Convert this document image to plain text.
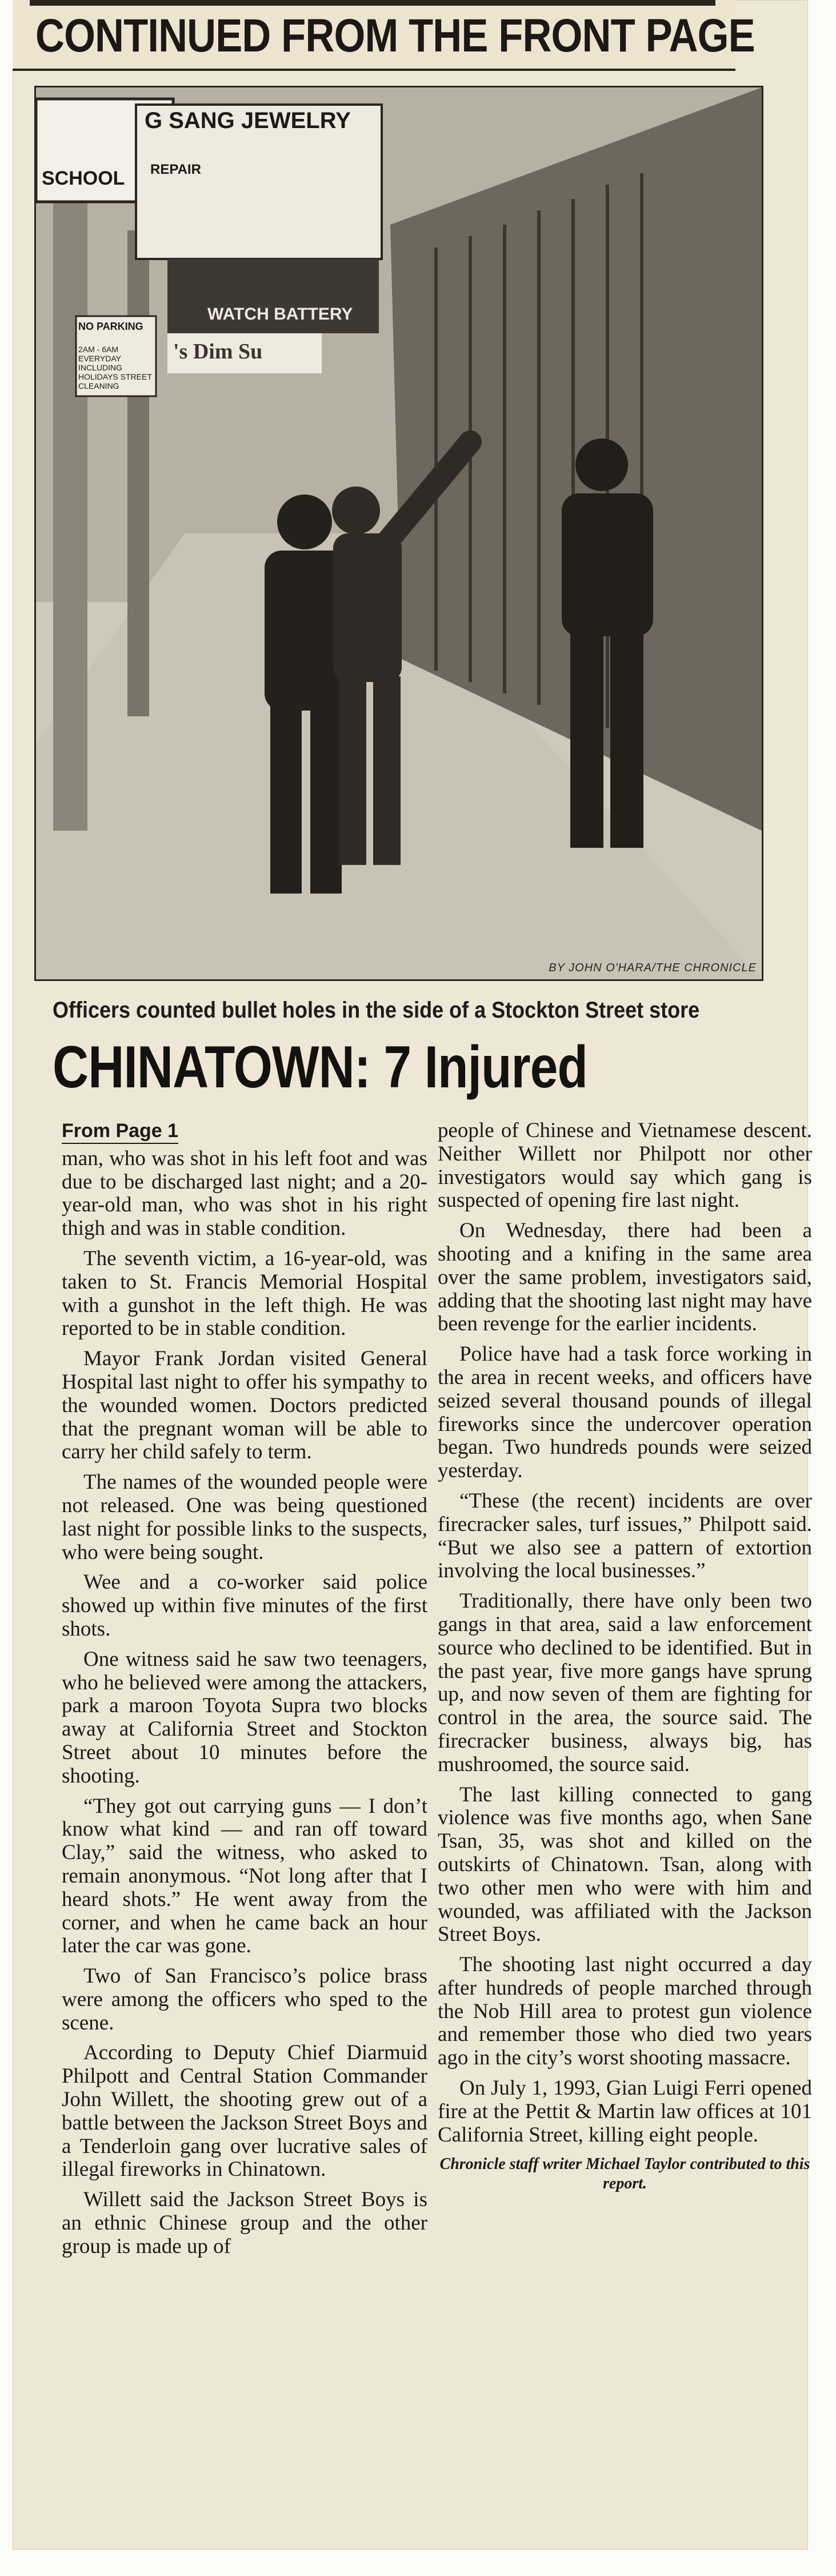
CONTINUED FROM THE FRONT PAGE
SCHOOL
G SANG JEWELRY
REPAIR
WATCH BATTERY
's Dim Su
NO PARKING
2AM - 6AM EVERYDAY INCLUDING HOLIDAYS STREET CLEANING
BY JOHN O'HARA/THE CHRONICLE
Officers counted bullet holes in the side of a Stockton Street store
CHINATOWN: 7 Injured
From Page 1

man, who was shot in his left foot and was due to be discharged last night; and a 20-year-old man, who was shot in his right thigh and was in stable condition.

The seventh victim, a 16-year-old, was taken to St. Francis Memorial Hospital with a gunshot in the left thigh. He was reported to be in stable condition.

Mayor Frank Jordan visited General Hospital last night to offer his sympathy to the wounded women. Doctors predicted that the pregnant woman will be able to carry her child safely to term.

The names of the wounded people were not released. One was being questioned last night for possible links to the suspects, who were being sought.

Wee and a co-worker said police showed up within five minutes of the first shots.

One witness said he saw two teenagers, who he believed were among the attackers, park a maroon Toyota Supra two blocks away at California Street and Stockton Street about 10 minutes before the shooting.

“They got out carrying guns — I don’t know what kind — and ran off toward Clay,” said the witness, who asked to remain anonymous. “Not long after that I heard shots.” He went away from the corner, and when he came back an hour later the car was gone.

Two of San Francisco’s police brass were among the officers who sped to the scene.

According to Deputy Chief Diarmuid Philpott and Central Station Commander John Willett, the shooting grew out of a battle between the Jackson Street Boys and a Tenderloin gang over lucrative sales of illegal fireworks in Chinatown.

Willett said the Jackson Street Boys is an ethnic Chinese group and the other group is made up of

people of Chinese and Vietnamese descent. Neither Willett nor Philpott nor other investigators would say which gang is suspected of opening fire last night.

On Wednesday, there had been a shooting and a knifing in the same area over the same problem, investigators said, adding that the shooting last night may have been revenge for the earlier incidents.

Police have had a task force working in the area in recent weeks, and officers have seized several thousand pounds of illegal fireworks since the undercover operation began. Two hundreds pounds were seized yesterday.

“These (the recent) incidents are over firecracker sales, turf issues,” Philpott said. “But we also see a pattern of extortion involving the local businesses.”

Traditionally, there have only been two gangs in that area, said a law enforcement source who declined to be identified. But in the past year, five more gangs have sprung up, and now seven of them are fighting for control in the area, the source said. The firecracker business, always big, has mushroomed, the source said.

The last killing connected to gang violence was five months ago, when Sane Tsan, 35, was shot and killed on the outskirts of Chinatown. Tsan, along with two other men who were with him and wounded, was affiliated with the Jackson Street Boys.

The shooting last night occurred a day after hundreds of people marched through the Nob Hill area to protest gun violence and remember those who died two years ago in the city’s worst shooting massacre.

On July 1, 1993, Gian Luigi Ferri opened fire at the Pettit & Martin law offices at 101 California Street, killing eight people.

Chronicle staff writer Michael Taylor contributed to this report.
